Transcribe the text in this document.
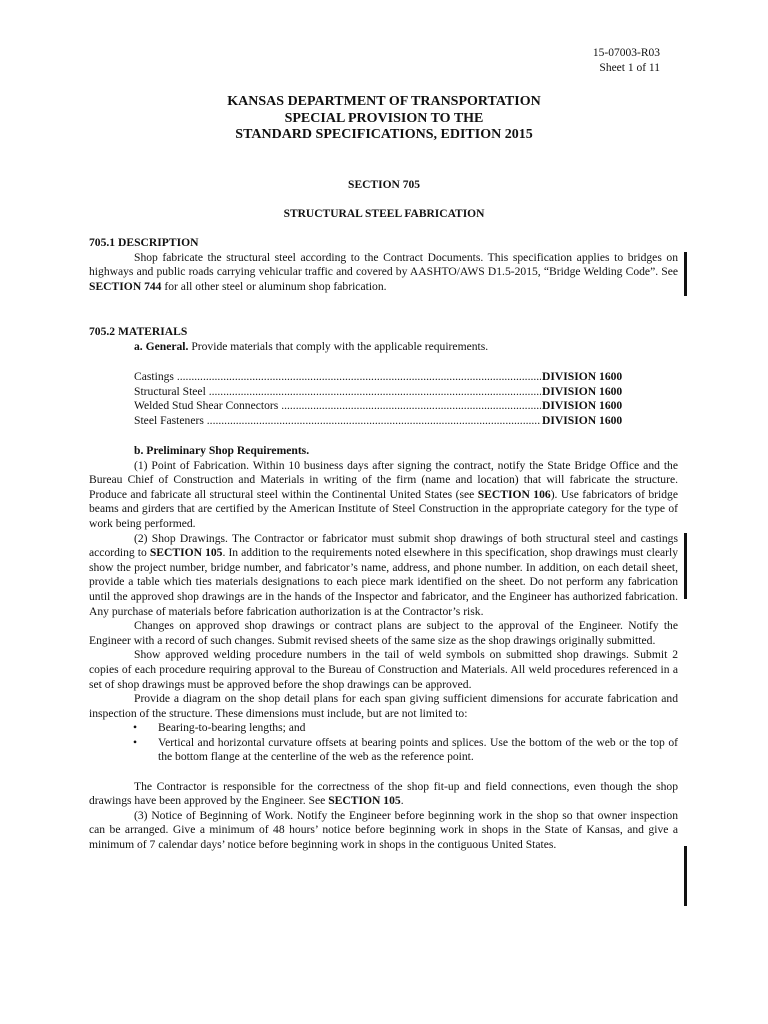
15-07003-R03
Sheet 1 of 11
KANSAS DEPARTMENT OF TRANSPORTATION
SPECIAL PROVISION TO THE
STANDARD SPECIFICATIONS, EDITION 2015
SECTION 705
STRUCTURAL STEEL FABRICATION

705.1 DESCRIPTION

Shop fabricate the structural steel according to the Contract Documents. This specification applies to bridges on highways and public roads carrying vehicular traffic and covered by AASHTO/AWS D1.5-2015, “Bridge Welding Code”. See SECTION 744 for all other steel or aluminum shop fabrication.

705.2 MATERIALS

a. General. Provide materials that comply with the applicable requirements.

Castings .....	DIVISION 1600
Structural Steel .....	DIVISION 1600
Welded Stud Shear Connectors .....	DIVISION 1600
Steel Fasteners .....	DIVISION 1600

b. Preliminary Shop Requirements.

(1) Point of Fabrication. Within 10 business days after signing the contract, notify the State Bridge Office and the Bureau Chief of Construction and Materials in writing of the firm (name and location) that will fabricate the structure. Produce and fabricate all structural steel within the Continental United States (see SECTION 106). Use fabricators of bridge beams and girders that are certified by the American Institute of Steel Construction in the appropriate category for the type of work being performed.

(2) Shop Drawings. The Contractor or fabricator must submit shop drawings of both structural steel and castings according to SECTION 105. In addition to the requirements noted elsewhere in this specification, shop drawings must clearly show the project number, bridge number, and fabricator’s name, address, and phone number. In addition, on each detail sheet, provide a table which ties materials designations to each piece mark identified on the sheet. Do not perform any fabrication until the approved shop drawings are in the hands of the Inspector and fabricator, and the Engineer has authorized fabrication. Any purchase of materials before fabrication authorization is at the Contractor’s risk.

Changes on approved shop drawings or contract plans are subject to the approval of the Engineer. Notify the Engineer with a record of such changes. Submit revised sheets of the same size as the shop drawings originally submitted.

Show approved welding procedure numbers in the tail of weld symbols on submitted shop drawings. Submit 2 copies of each procedure requiring approval to the Bureau of Construction and Materials. All weld procedures referenced in a set of shop drawings must be approved before the shop drawings can be approved.

Provide a diagram on the shop detail plans for each span giving sufficient dimensions for accurate fabrication and inspection of the structure. These dimensions must include, but are not limited to:

• Bearing-to-bearing lengths; and
• Vertical and horizontal curvature offsets at bearing points and splices. Use the bottom of the web or the top of the bottom flange at the centerline of the web as the reference point.

The Contractor is responsible for the correctness of the shop fit-up and field connections, even though the shop drawings have been approved by the Engineer. See SECTION 105.

(3) Notice of Beginning of Work. Notify the Engineer before beginning work in the shop so that owner inspection can be arranged. Give a minimum of 48 hours’ notice before beginning work in shops in the State of Kansas, and give a minimum of 7 calendar days’ notice before beginning work in shops in the contiguous United States.
